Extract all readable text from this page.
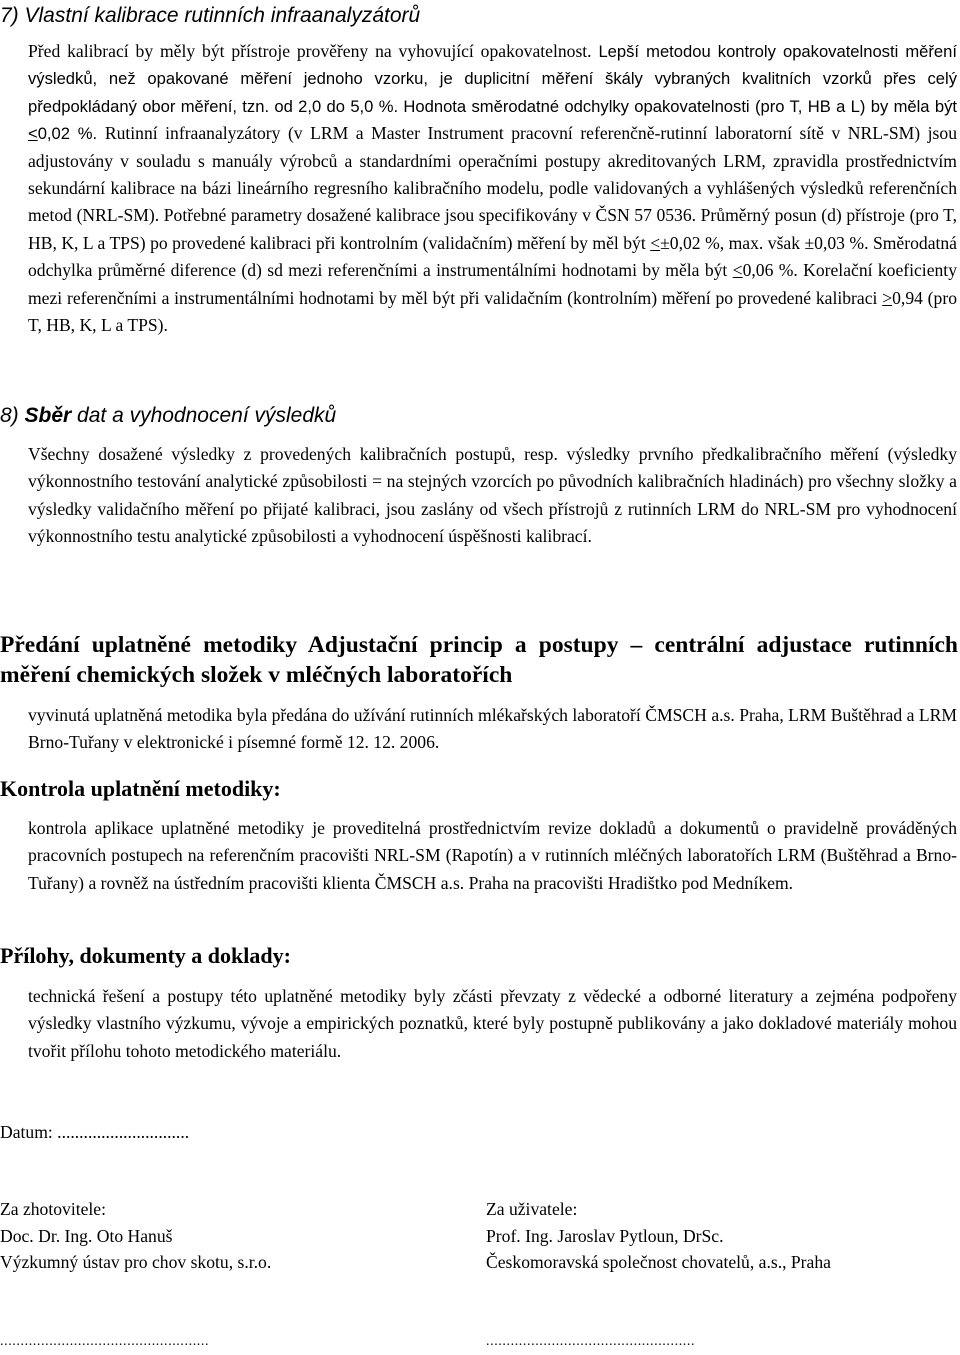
7) Vlastní kalibrace rutinních infraanalyzátorů

Před kalibrací by měly být přístroje prověřeny na vyhovující opakovatelnost. Lepší metodou kontroly opakovatelnosti měření výsledků, než opakované měření jednoho vzorku, je duplicitní měření škály vybraných kvalitních vzorků přes celý předpokládaný obor měření, tzn. od 2,0 do 5,0 %. Hodnota směrodatné odchylky opakovatelnosti (pro T, HB a L) by měla být <0,02 %. Rutinní infraanalyzátory (v LRM a Master Instrument pracovní referenčně-rutinní laboratorní sítě v NRL-SM) jsou adjustovány v souladu s manuály výrobců a standardními operačními postupy akreditovaných LRM, zpravidla prostřednictvím sekundární kalibrace na bázi lineárního regresního kalibračního modelu, podle validovaných a vyhlášených výsledků referenčních metod (NRL-SM). Potřebné parametry dosažené kalibrace jsou specifikovány v ČSN 57 0536. Průměrný posun (d) přístroje (pro T, HB, K, L a TPS) po provedené kalibraci při kontrolním (validačním) měření by měl být <±0,02 %, max. však ±0,03 %. Směrodatná odchylka průměrné diference (d) sd mezi referenčními a instrumentálními hodnotami by měla být <0,06 %. Korelační koeficienty mezi referenčními a instrumentálními hodnotami by měl být při validačním (kontrolním) měření po provedené kalibraci >0,94 (pro T, HB, K, L a TPS).

8) Sběr dat a vyhodnocení výsledků

Všechny dosažené výsledky z provedených kalibračních postupů, resp. výsledky prvního předkalibračního měření (výsledky výkonnostního testování analytické způsobilosti = na stejných vzorcích po původních kalibračních hladinách) pro všechny složky a výsledky validačního měření po přijaté kalibraci, jsou zaslány od všech přístrojů z rutinních LRM do NRL-SM pro vyhodnocení výkonnostního testu analytické způsobilosti a vyhodnocení úspěšnosti kalibrací.

Předání uplatněné metodiky Adjustační princip a postupy – centrální adjustace rutinních měření chemických složek v mléčných laboratořích

vyvinutá uplatněná metodika byla předána do užívání rutinních mlékařských laboratoří ČMSCH a.s. Praha, LRM Buštěhrad a LRM Brno-Tuřany v elektronické i písemné formě 12. 12. 2006.

Kontrola uplatnění metodiky:

kontrola aplikace uplatněné metodiky je proveditelná prostřednictvím revize dokladů a dokumentů o pravidelně prováděných pracovních postupech na referenčním pracovišti NRL-SM (Rapotín) a v rutinních mléčných laboratořích LRM (Buštěhrad a Brno-Tuřany) a rovněž na ústředním pracovišti klienta ČMSCH a.s. Praha na pracovišti Hradištko pod Medníkem.

Přílohy, dokumenty a doklady:

technická řešení a postupy této uplatněné metodiky byly zčásti převzaty z vědecké a odborné literatury a zejména podpořeny výsledky vlastního výzkumu, vývoje a empirických poznatků, které byly postupně publikovány a jako dokladové materiály mohou tvořit přílohu tohoto metodického materiálu.

Datum: ..............................
Za zhotovitele:
Doc. Dr. Ing. Oto Hanuš
Výzkumný ústav pro chov skotu, s.r.o.
Za uživatele:
Prof. Ing. Jaroslav Pytloun, DrSc.
Českomoravská společnost chovatelů, a.s., Praha
...................................................	...................................................
